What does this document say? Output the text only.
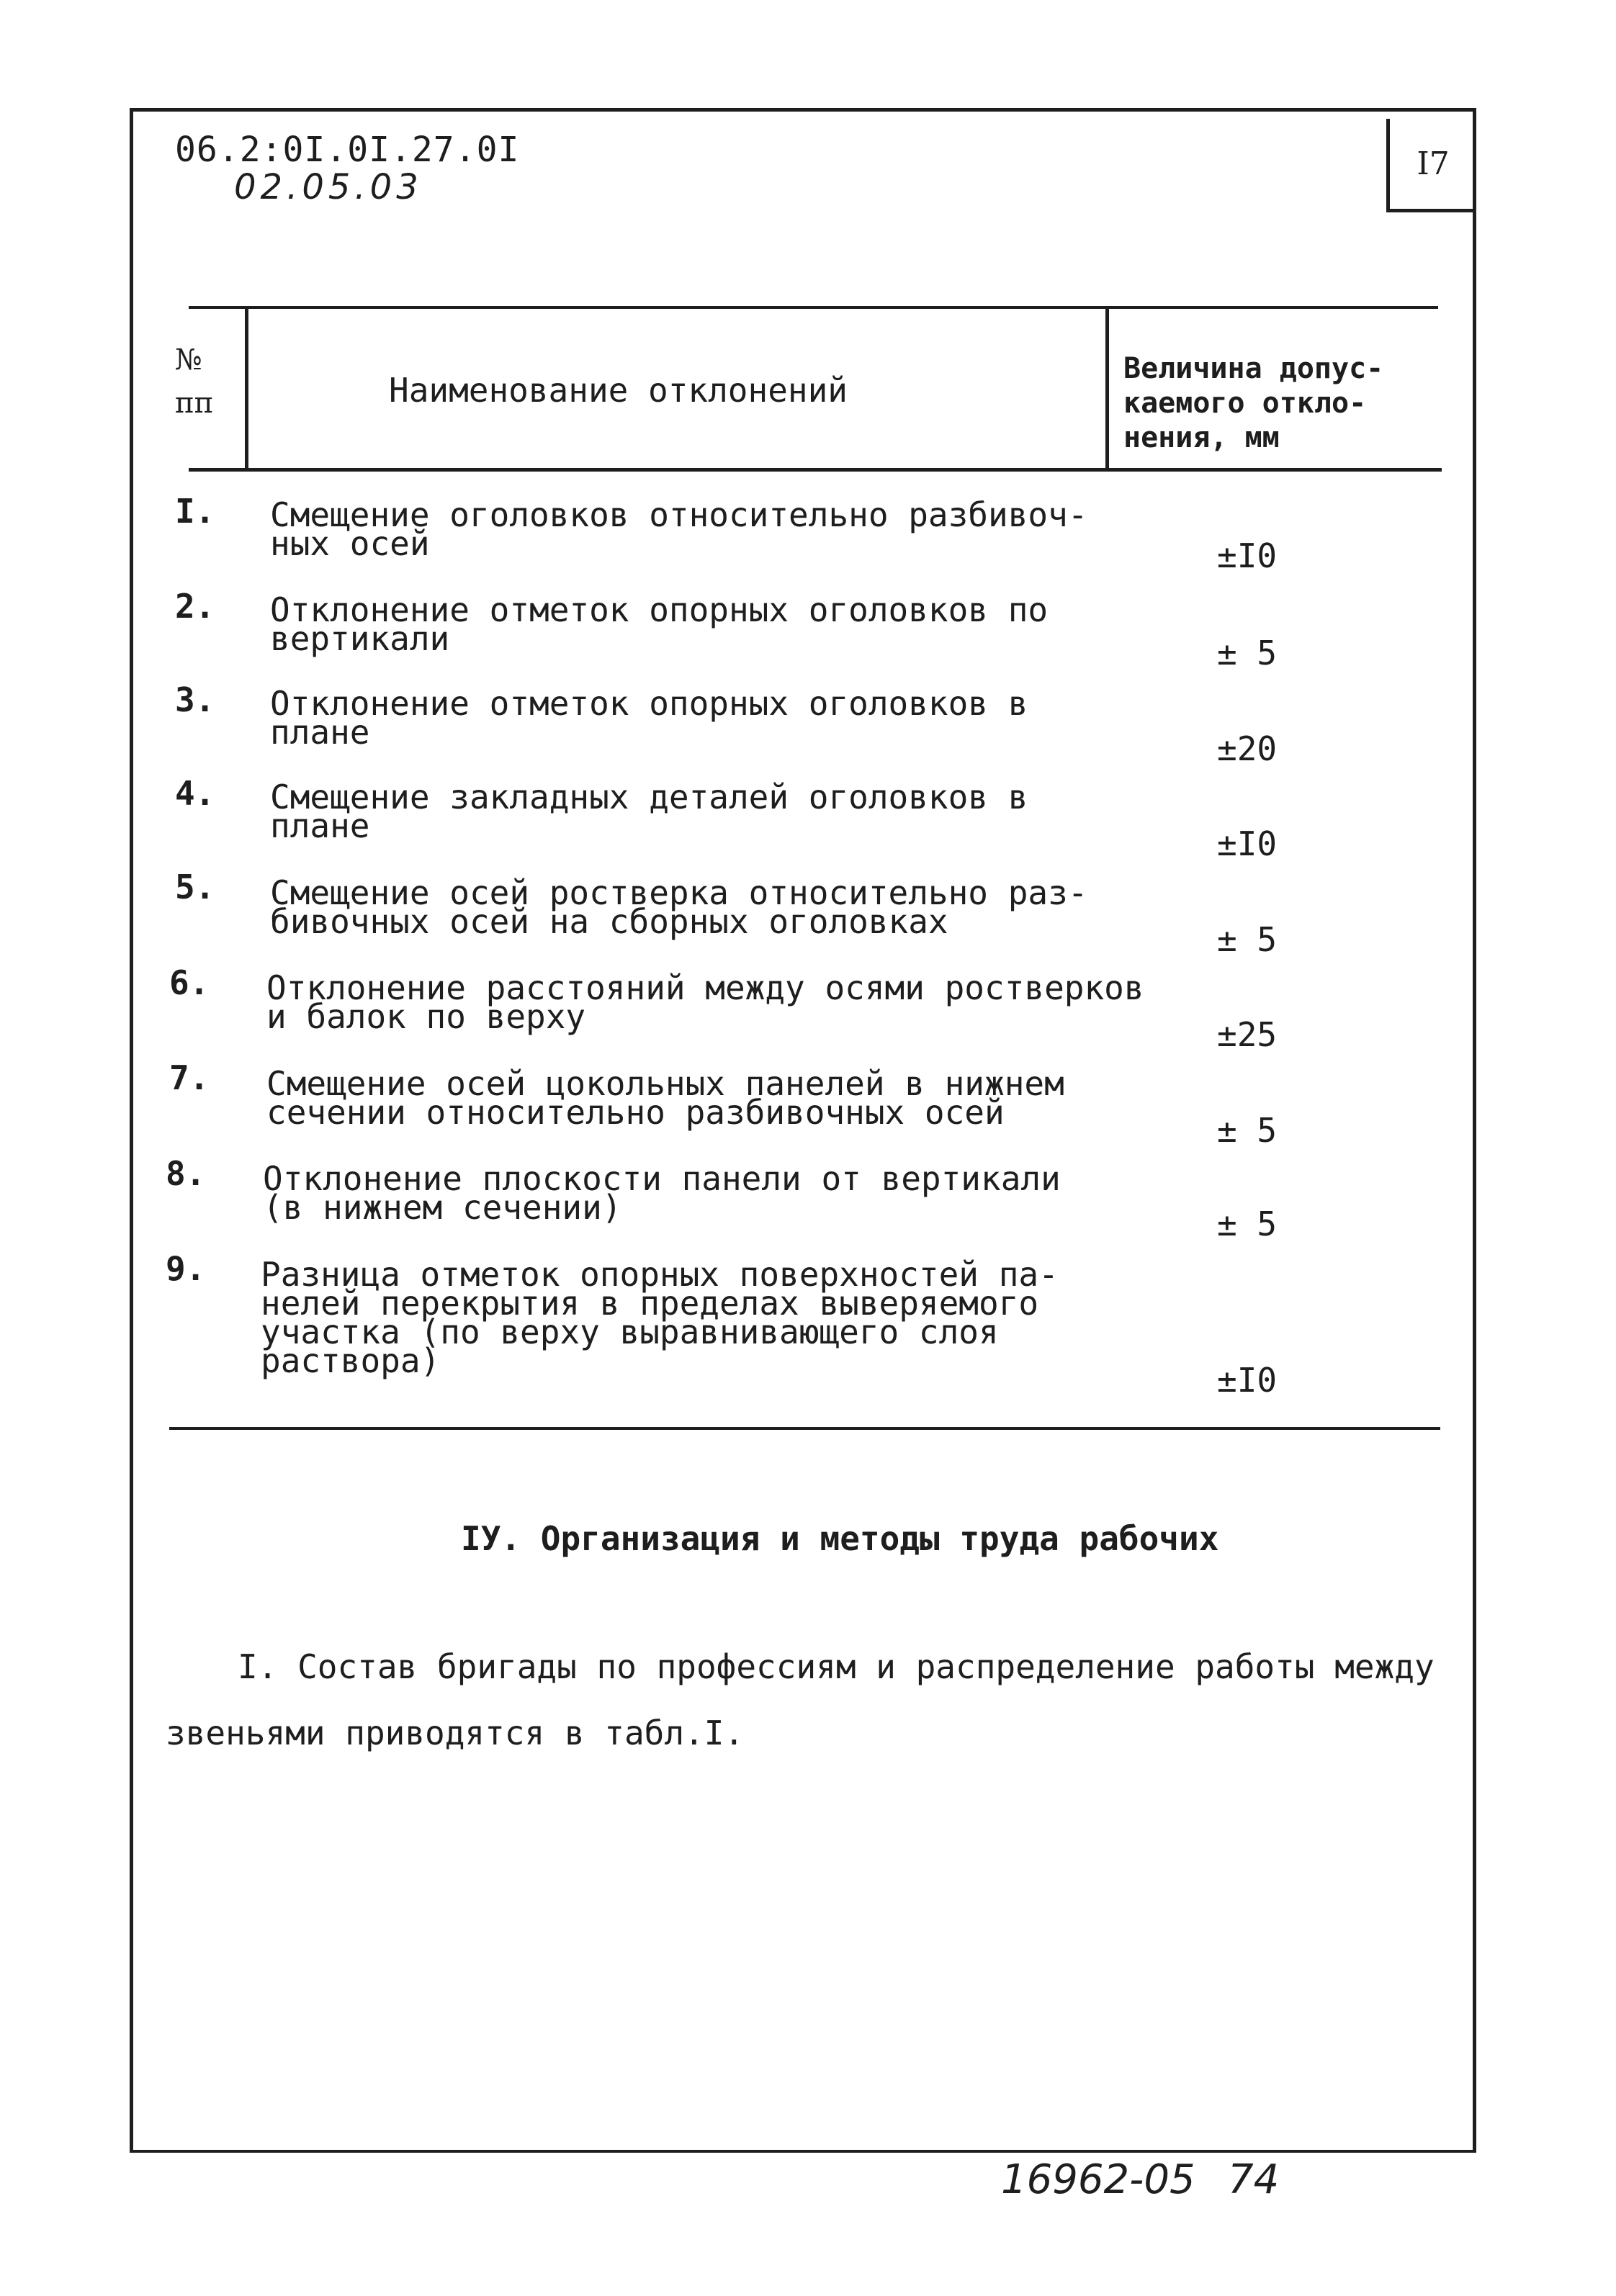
I7
06.2:0I.0I.27.0I
02.05.03
№
пп	Наименование отклонений
Величина допус-
каемого откло-
нения, мм
I. Смещение оголовков относительно разбивоч-
ных осей	±I0
2. Отклонение отметок опорных оголовков по
вертикали	± 5
3. Отклонение отметок опорных оголовков в
плане	±20
4. Смещение закладных деталей оголовков в
плане	±I0
5. Смещение осей ростверка относительно раз-
бивочных осей на сборных оголовках	± 5
6. Отклонение расстояний между осями ростверков
и балок по верху	±25
7. Смещение осей цокольных панелей в нижнем
сечении относительно разбивочных осей	± 5
8. Отклонение плоскости панели от вертикали
(в нижнем сечении)	± 5
9. Разница отметок опорных поверхностей па-
нелей перекрытия в пределах выверяемого
участка (по верху выравнивающего слоя
раствора)	±I0
IУ. Организация и методы труда рабочих
I. Состав бригады по профессиям и распределение работы между
звеньями приводятся в табл.I.
16962-05 74
